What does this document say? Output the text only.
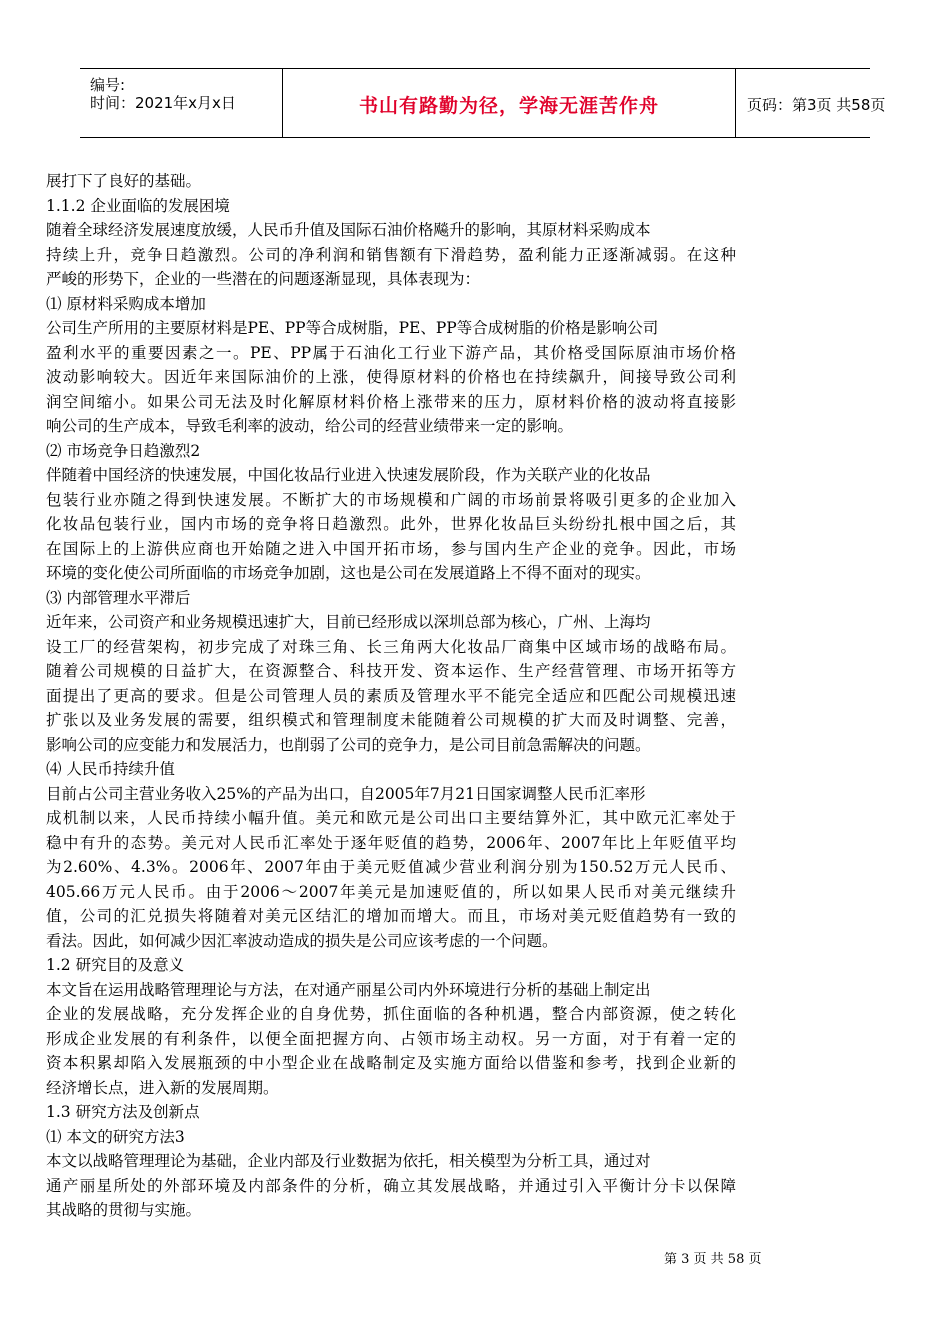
编号:
时间：2021年x月x日	书山有路勤为径，学海无涯苦作舟	页码：第3页 共58页
展打下了良好的基础。
1.1.2 企业面临的发展困境
随着全球经济发展速度放缓，人民币升值及国际石油价格飚升的影响，其原材料采购成本
持续上升，竞争日趋激烈。公司的净利润和销售额有下滑趋势，盈利能力正逐渐减弱。在这种
严峻的形势下，企业的一些潜在的问题逐渐显现，具体表现为：
⑴ 原材料采购成本增加
公司生产所用的主要原材料是PE、PP等合成树脂，PE、PP等合成树脂的价格是影响公司
盈利水平的重要因素之一。PE、PP属于石油化工行业下游产品，其价格受国际原油市场价格
波动影响较大。因近年来国际油价的上涨，使得原材料的价格也在持续飙升，间接导致公司利
润空间缩小。如果公司无法及时化解原材料价格上涨带来的压力，原材料价格的波动将直接影
响公司的生产成本，导致毛利率的波动，给公司的经营业绩带来一定的影响。
⑵ 市场竞争日趋激烈2
伴随着中国经济的快速发展，中国化妆品行业进入快速发展阶段，作为关联产业的化妆品
包装行业亦随之得到快速发展。不断扩大的市场规模和广阔的市场前景将吸引更多的企业加入
化妆品包装行业，国内市场的竞争将日趋激烈。此外，世界化妆品巨头纷纷扎根中国之后，其
在国际上的上游供应商也开始随之进入中国开拓市场，参与国内生产企业的竞争。因此，市场
环境的变化使公司所面临的市场竞争加剧，这也是公司在发展道路上不得不面对的现实。
⑶ 内部管理水平滞后
近年来，公司资产和业务规模迅速扩大，目前已经形成以深圳总部为核心，广州、上海均
设工厂的经营架构，初步完成了对珠三角、长三角两大化妆品厂商集中区域市场的战略布局。
随着公司规模的日益扩大，在资源整合、科技开发、资本运作、生产经营管理、市场开拓等方
面提出了更高的要求。但是公司管理人员的素质及管理水平不能完全适应和匹配公司规模迅速
扩张以及业务发展的需要，组织模式和管理制度未能随着公司规模的扩大而及时调整、完善，
影响公司的应变能力和发展活力，也削弱了公司的竞争力，是公司目前急需解决的问题。
⑷ 人民币持续升值
目前占公司主营业务收入25%的产品为出口，自2005年7月21日国家调整人民币汇率形
成机制以来，人民币持续小幅升值。美元和欧元是公司出口主要结算外汇，其中欧元汇率处于
稳中有升的态势。美元对人民币汇率处于逐年贬值的趋势，2006年、2007年比上年贬值平均
为2.60%、4.3%。2006年、2007年由于美元贬值减少营业利润分别为150.52万元人民币、
405.66万元人民币。由于2006～2007年美元是加速贬值的，所以如果人民币对美元继续升
值，公司的汇兑损失将随着对美元区结汇的增加而增大。而且，市场对美元贬值趋势有一致的
看法。因此，如何减少因汇率波动造成的损失是公司应该考虑的一个问题。
1.2 研究目的及意义
本文旨在运用战略管理理论与方法，在对通产丽星公司内外环境进行分析的基础上制定出
企业的发展战略，充分发挥企业的自身优势，抓住面临的各种机遇，整合内部资源，使之转化
形成企业发展的有利条件，以便全面把握方向、占领市场主动权。另一方面，对于有着一定的
资本积累却陷入发展瓶颈的中小型企业在战略制定及实施方面给以借鉴和参考，找到企业新的
经济增长点，进入新的发展周期。
1.3 研究方法及创新点
⑴ 本文的研究方法3
本文以战略管理理论为基础，企业内部及行业数据为依托，相关模型为分析工具，通过对
通产丽星所处的外部环境及内部条件的分析，确立其发展战略，并通过引入平衡计分卡以保障
其战略的贯彻与实施。
第 3 页 共 58 页
